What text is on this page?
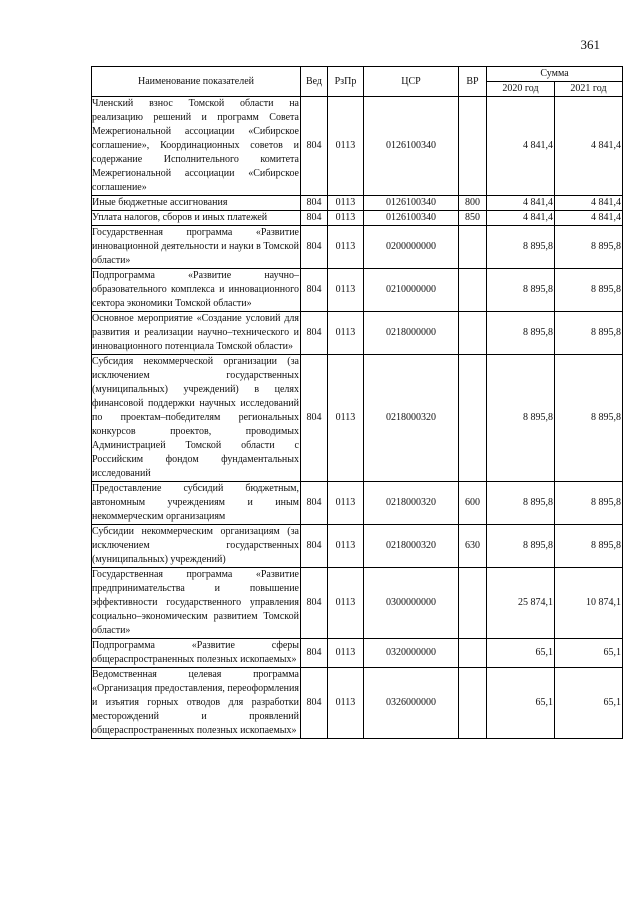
361
Наименование показателей	Вед	РзПр	ЦСР	ВР	Сумма	
					2020 год	2021 год
Членский взнос Томской области на реализацию решений и программ Совета Межрегиональной ассоциации «Сибирское соглашение», Координационных советов и содержание Исполнительного комитета Межрегиональной ассоциации «Сибирское соглашение»	804	0113	0126100340		4 841,4	4 841,4
Иные бюджетные ассигнования	804	0113	0126100340	800	4 841,4	4 841,4
Уплата налогов, сборов и иных платежей	804	0113	0126100340	850	4 841,4	4 841,4
Государственная программа «Развитие инновационной деятельности и науки в Томской области»	804	0113	0200000000		8 895,8	8 895,8
Подпрограмма «Развитие научно–образовательного комплекса и инновационного сектора экономики Томской области»	804	0113	0210000000		8 895,8	8 895,8
Основное мероприятие «Создание условий для развития и реализации научно–технического и инновационного потенциала Томской области»	804	0113	0218000000		8 895,8	8 895,8
Субсидия некоммерческой организации (за исключением государственных (муниципальных) учреждений) в целях финансовой поддержки научных исследований по проектам–победителям региональных конкурсов проектов, проводимых Администрацией Томской области с Российским фондом фундаментальных исследований	804	0113	0218000320		8 895,8	8 895,8
Предоставление субсидий бюджетным, автономным учреждениям и иным некоммерческим организациям	804	0113	0218000320	600	8 895,8	8 895,8
Субсидии некоммерческим организациям (за исключением государственных (муниципальных) учреждений)	804	0113	0218000320	630	8 895,8	8 895,8
Государственная программа «Развитие предпринимательства и повышение эффективности государственного управления социально–экономическим развитием Томской области»	804	0113	0300000000		25 874,1	10 874,1
Подпрограмма «Развитие сферы общераспространенных полезных ископаемых»	804	0113	0320000000		65,1	65,1
Ведомственная целевая программа «Организация предоставления, переоформления и изъятия горных отводов для разработки месторождений и проявлений общераспространенных полезных ископаемых»	804	0113	0326000000		65,1	65,1
